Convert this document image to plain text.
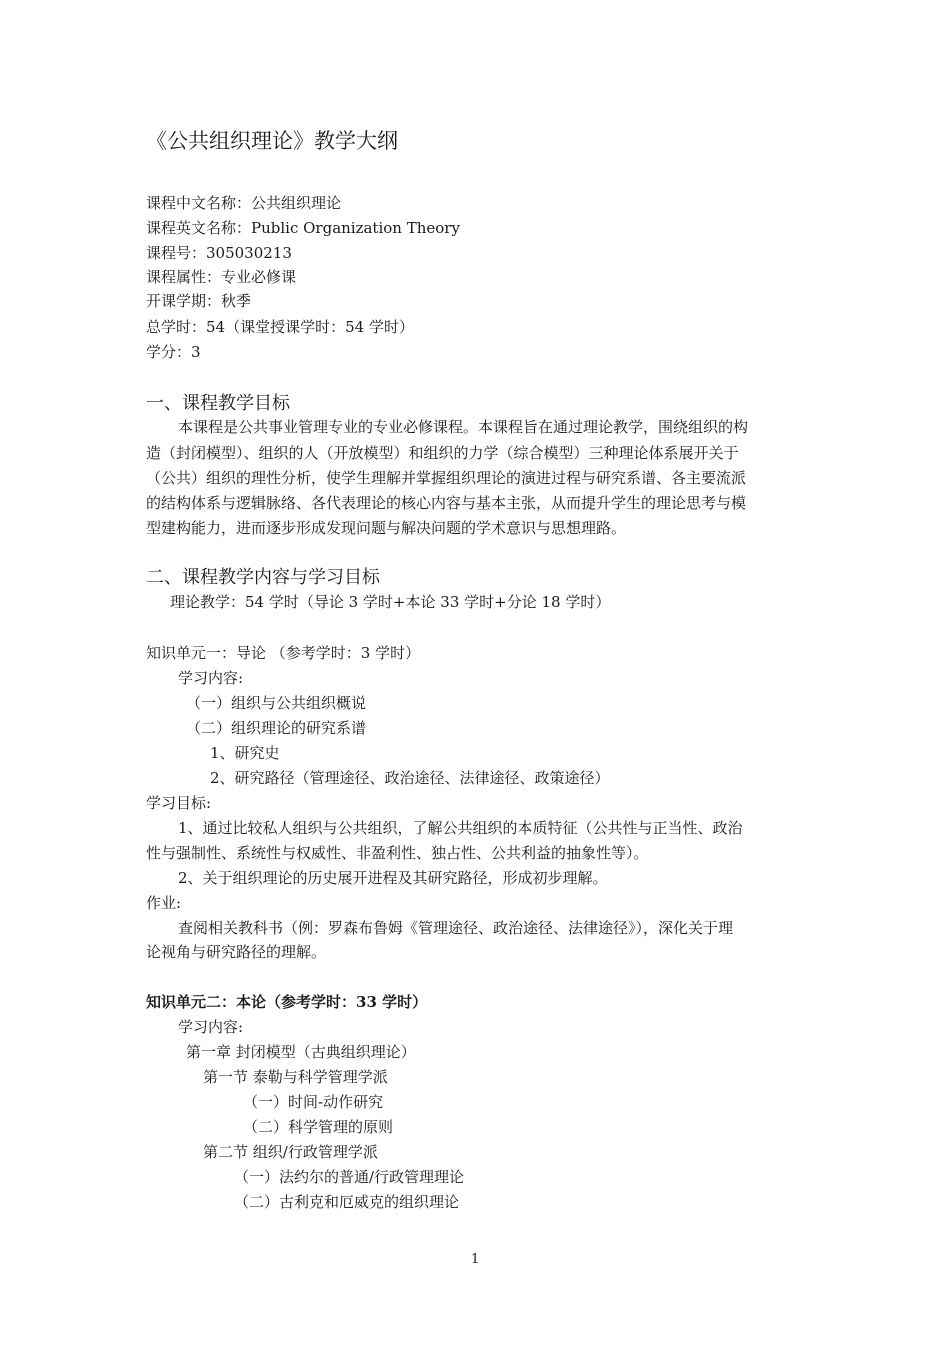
《公共组织理论》教学大纲
课程中文名称：公共组织理论
课程英文名称：Public Organization Theory
课程号：305030213
课程属性：专业必修课
开课学期：秋季
总学时：54（课堂授课学时：54 学时）
学分：3
一、课程教学目标
本课程是公共事业管理专业的专业必修课程。本课程旨在通过理论教学，围绕组织的构
造（封闭模型）、组织的人（开放模型）和组织的力学（综合模型）三种理论体系展开关于
（公共）组织的理性分析，使学生理解并掌握组织理论的演进过程与研究系谱、各主要流派
的结构体系与逻辑脉络、各代表理论的核心内容与基本主张，从而提升学生的理论思考与模
型建构能力，进而逐步形成发现问题与解决问题的学术意识与思想理路。
二、课程教学内容与学习目标
理论教学：54 学时（导论 3 学时+本论 33 学时+分论 18 学时）
知识单元一：导论 （参考学时：3 学时）
学习内容:
（一）组织与公共组织概说
（二）组织理论的研究系谱
1、研究史
2、研究路径（管理途径、政治途径、法律途径、政策途径）
学习目标:
1、通过比较私人组织与公共组织，了解公共组织的本质特征（公共性与正当性、政治
性与强制性、系统性与权威性、非盈利性、独占性、公共利益的抽象性等）。
2、关于组织理论的历史展开进程及其研究路径，形成初步理解。
作业:
查阅相关教科书（例：罗森布鲁姆《管理途径、政治途径、法律途径》），深化关于理
论视角与研究路径的理解。
知识单元二：本论（参考学时：33 学时）
学习内容:
第一章 封闭模型（古典组织理论）
第一节 泰勒与科学管理学派
（一）时间-动作研究
（二）科学管理的原则
第二节 组织/行政管理学派
（一）法约尔的普通/行政管理理论
（二）古利克和厄威克的组织理论
1
